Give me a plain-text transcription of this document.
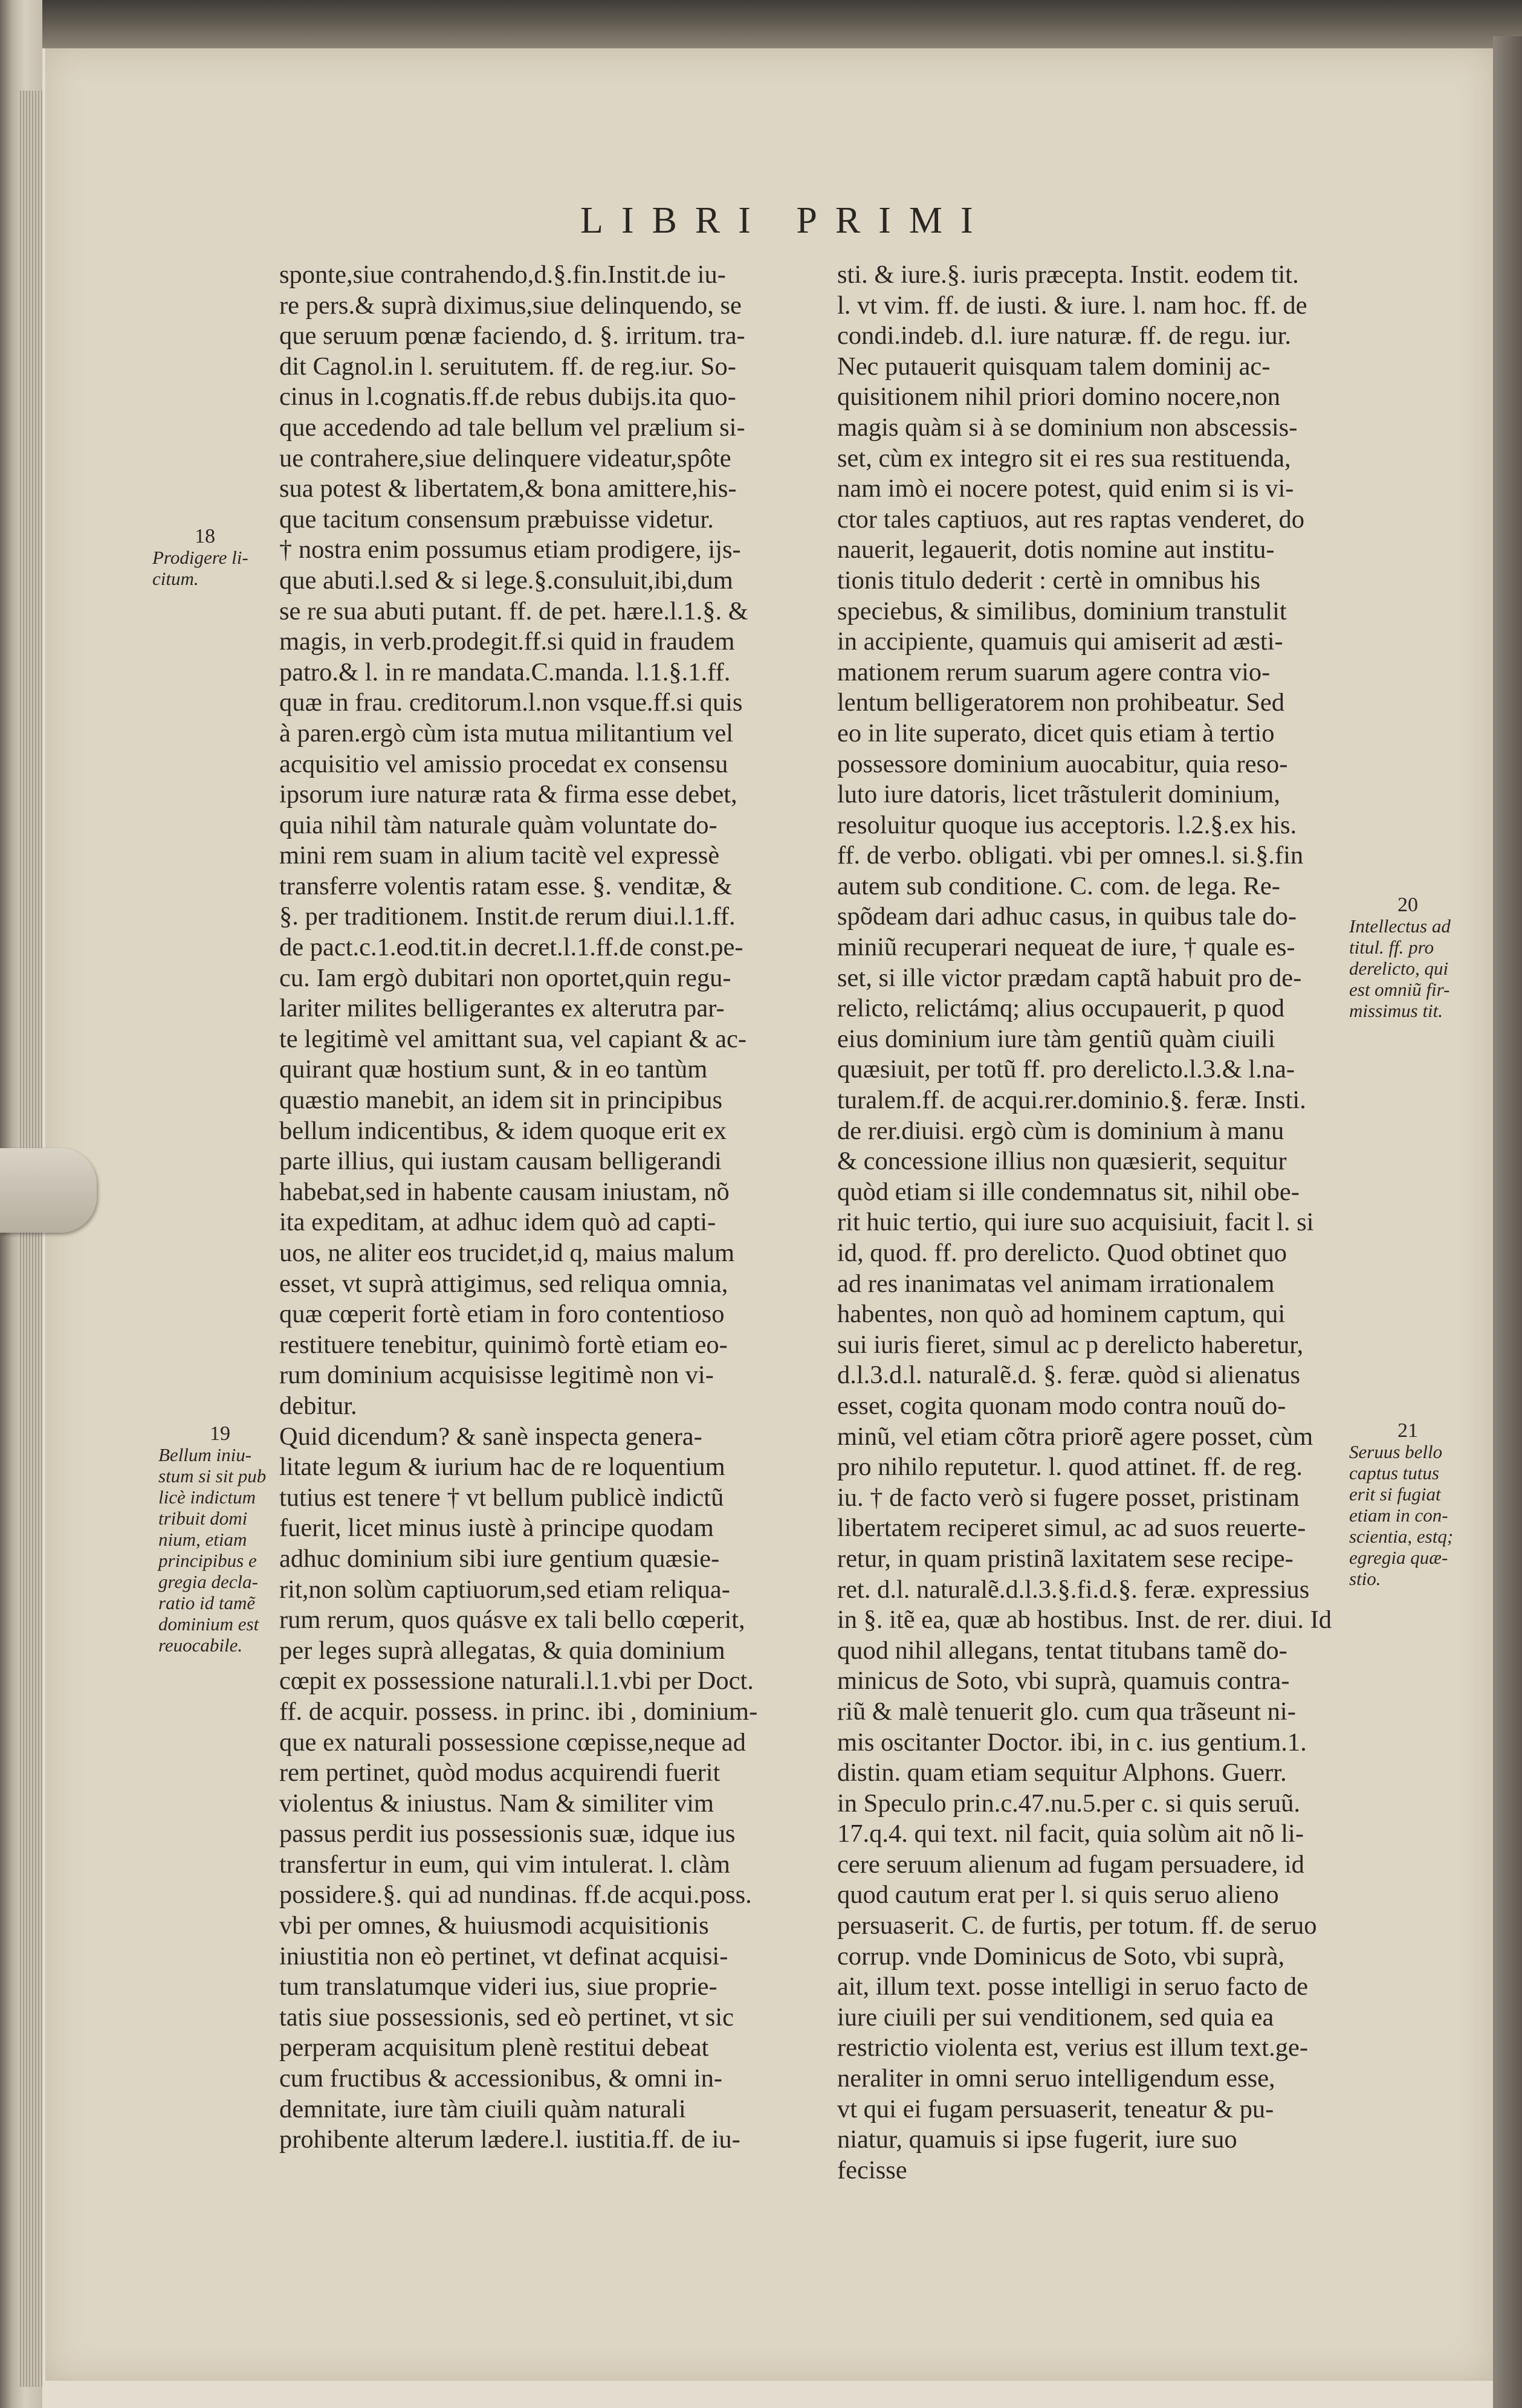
LIBRI PRIMI
sponte,siue contrahendo,d.§.fin.Instit.de iu-
re pers.& suprà diximus,siue delinquendo, se
que seruum pœnæ faciendo, d. §. irritum. tra-
dit Cagnol.in l. seruitutem. ff. de reg.iur. So-
cinus in l.cognatis.ff.de rebus dubijs.ita quo-
que accedendo ad tale bellum vel prælium si-
ue contrahere,siue delinquere videatur,spôte
sua potest & libertatem,& bona amittere,his-
que tacitum consensum præbuisse videtur.
† nostra enim possumus etiam prodigere, ijs-
que abuti.l.sed & si lege.§.consuluit,ibi,dum
se re sua abuti putant. ff. de pet. hære.l.1.§. &
magis, in verb.prodegit.ff.si quid in fraudem
patro.& l. in re mandata.C.manda. l.1.§.1.ff.
quæ in frau. creditorum.l.non vsque.ff.si quis
à paren.ergò cùm ista mutua militantium vel
acquisitio vel amissio procedat ex consensu
ipsorum iure naturæ rata & firma esse debet,
quia nihil tàm naturale quàm voluntate do-
mini rem suam in alium tacitè vel expressè
transferre volentis ratam esse. §. venditæ, &
§. per traditionem. Instit.de rerum diui.l.1.ff.
de pact.c.1.eod.tit.in decret.l.1.ff.de const.pe-
cu. Iam ergò dubitari non oportet,quin regu-
lariter milites belligerantes ex alterutra par-
te legitimè vel amittant sua, vel capiant & ac-
quirant quæ hostium sunt, & in eo tantùm
quæstio manebit, an idem sit in principibus
bellum indicentibus, & idem quoque erit ex
parte illius, qui iustam causam belligerandi
habebat,sed in habente causam iniustam, nõ
ita expeditam, at adhuc idem quò ad capti-
uos, ne aliter eos trucidet,id q, maius malum
esset, vt suprà attigimus, sed reliqua omnia,
quæ cœperit fortè etiam in foro contentioso
restituere tenebitur, quinimò fortè etiam eo-
rum dominium acquisisse legitimè non vi-
debitur.
Quid dicendum? & sanè inspecta genera-
litate legum & iurium hac de re loquentium
tutius est tenere † vt bellum publicè indictũ
fuerit, licet minus iustè à principe quodam
adhuc dominium sibi iure gentium quæsie-
rit,non solùm captiuorum,sed etiam reliqua-
rum rerum, quos quásve ex tali bello cœperit,
per leges suprà allegatas, & quia dominium
cœpit ex possessione naturali.l.1.vbi per Doct.
ff. de acquir. possess. in princ. ibi , dominium-
que ex naturali possessione cœpisse,neque ad
rem pertinet, quòd modus acquirendi fuerit
violentus & iniustus. Nam & similiter vim
passus perdit ius possessionis suæ, idque ius
transfertur in eum, qui vim intulerat. l. clàm
possidere.§. qui ad nundinas. ff.de acqui.poss.
vbi per omnes, & huiusmodi acquisitionis
iniustitia non eò pertinet, vt definat acquisi-
tum translatumque videri ius, siue proprie-
tatis siue possessionis, sed eò pertinet, vt sic
perperam acquisitum plenè restitui debeat
cum fructibus & accessionibus, & omni in-
demnitate, iure tàm ciuili quàm naturali
prohibente alterum lædere.l. iustitia.ff. de iu-
sti. & iure.§. iuris præcepta. Instit. eodem tit.
l. vt vim. ff. de iusti. & iure. l. nam hoc. ff. de
condi.indeb. d.l. iure naturæ. ff. de regu. iur.
Nec putauerit quisquam talem dominij ac-
quisitionem nihil priori domino nocere,non
magis quàm si à se dominium non abscessis-
set, cùm ex integro sit ei res sua restituenda,
nam imò ei nocere potest, quid enim si is vi-
ctor tales captiuos, aut res raptas venderet, do
nauerit, legauerit, dotis nomine aut institu-
tionis titulo dederit : certè in omnibus his
speciebus, & similibus, dominium transtulit
in accipiente, quamuis qui amiserit ad æsti-
mationem rerum suarum agere contra vio-
lentum belligeratorem non prohibeatur. Sed
eo in lite superato, dicet quis etiam à tertio
possessore dominium auocabitur, quia reso-
luto iure datoris, licet trãstulerit dominium,
resoluitur quoque ius acceptoris. l.2.§.ex his.
ff. de verbo. obligati. vbi per omnes.l. si.§.fin
autem sub conditione. C. com. de lega. Re-
spõdeam dari adhuc casus, in quibus tale do-
miniũ recuperari nequeat de iure, † quale es-
set, si ille victor prædam captã habuit pro de-
relicto, relictámq; alius occupauerit, p quod
eius dominium iure tàm gentiũ quàm ciuili
quæsiuit, per totũ ff. pro derelicto.l.3.& l.na-
turalem.ff. de acqui.rer.dominio.§. feræ. Insti.
de rer.diuisi. ergò cùm is dominium à manu
& concessione illius non quæsierit, sequitur
quòd etiam si ille condemnatus sit, nihil obe-
rit huic tertio, qui iure suo acquisiuit, facit l. si
id, quod. ff. pro derelicto. Quod obtinet quo
ad res inanimatas vel animam irrationalem
habentes, non quò ad hominem captum, qui
sui iuris fieret, simul ac p derelicto haberetur,
d.l.3.d.l. naturalẽ.d. §. feræ. quòd si alienatus
esset, cogita quonam modo contra nouũ do-
minũ, vel etiam cõtra priorẽ agere posset, cùm
pro nihilo reputetur. l. quod attinet. ff. de reg.
iu. † de facto verò si fugere posset, pristinam
libertatem reciperet simul, ac ad suos reuerte-
retur, in quam pristinã laxitatem sese recipe-
ret. d.l. naturalẽ.d.l.3.§.fi.d.§. feræ. expressius
in §. itẽ ea, quæ ab hostibus. Inst. de rer. diui. Id
quod nihil allegans, tentat titubans tamẽ do-
minicus de Soto, vbi suprà, quamuis contra-
riũ & malè tenuerit glo. cum qua trãseunt ni-
mis oscitanter Doctor. ibi, in c. ius gentium.1.
distin. quam etiam sequitur Alphons. Guerr.
in Speculo prin.c.47.nu.5.per c. si quis seruũ.
17.q.4. qui text. nil facit, quia solùm ait nõ li-
cere seruum alienum ad fugam persuadere, id
quod cautum erat per l. si quis seruo alieno
persuaserit. C. de furtis, per totum. ff. de seruo
corrup. vnde Dominicus de Soto, vbi suprà,
ait, illum text. posse intelligi in seruo facto de
iure ciuili per sui venditionem, sed quia ea
restrictio violenta est, verius est illum text.ge-
neraliter in omni seruo intelligendum esse,
vt qui ei fugam persuaserit, teneatur & pu-
niatur, quamuis si ipse fugerit, iure suo
fecisse
18
Prodigere li-
citum.
19
Bellum iniu-
stum si sit pub
licè indictum
tribuit domi
nium, etiam
principibus e
gregia decla-
ratio id tamẽ
dominium est
reuocabile.
20
Intellectus ad
titul. ff. pro
derelicto, qui
est omniũ fir-
missimus tit.
21
Seruus bello
captus tutus
erit si fugiat
etiam in con-
scientia, estq;
egregia quæ-
stio.
